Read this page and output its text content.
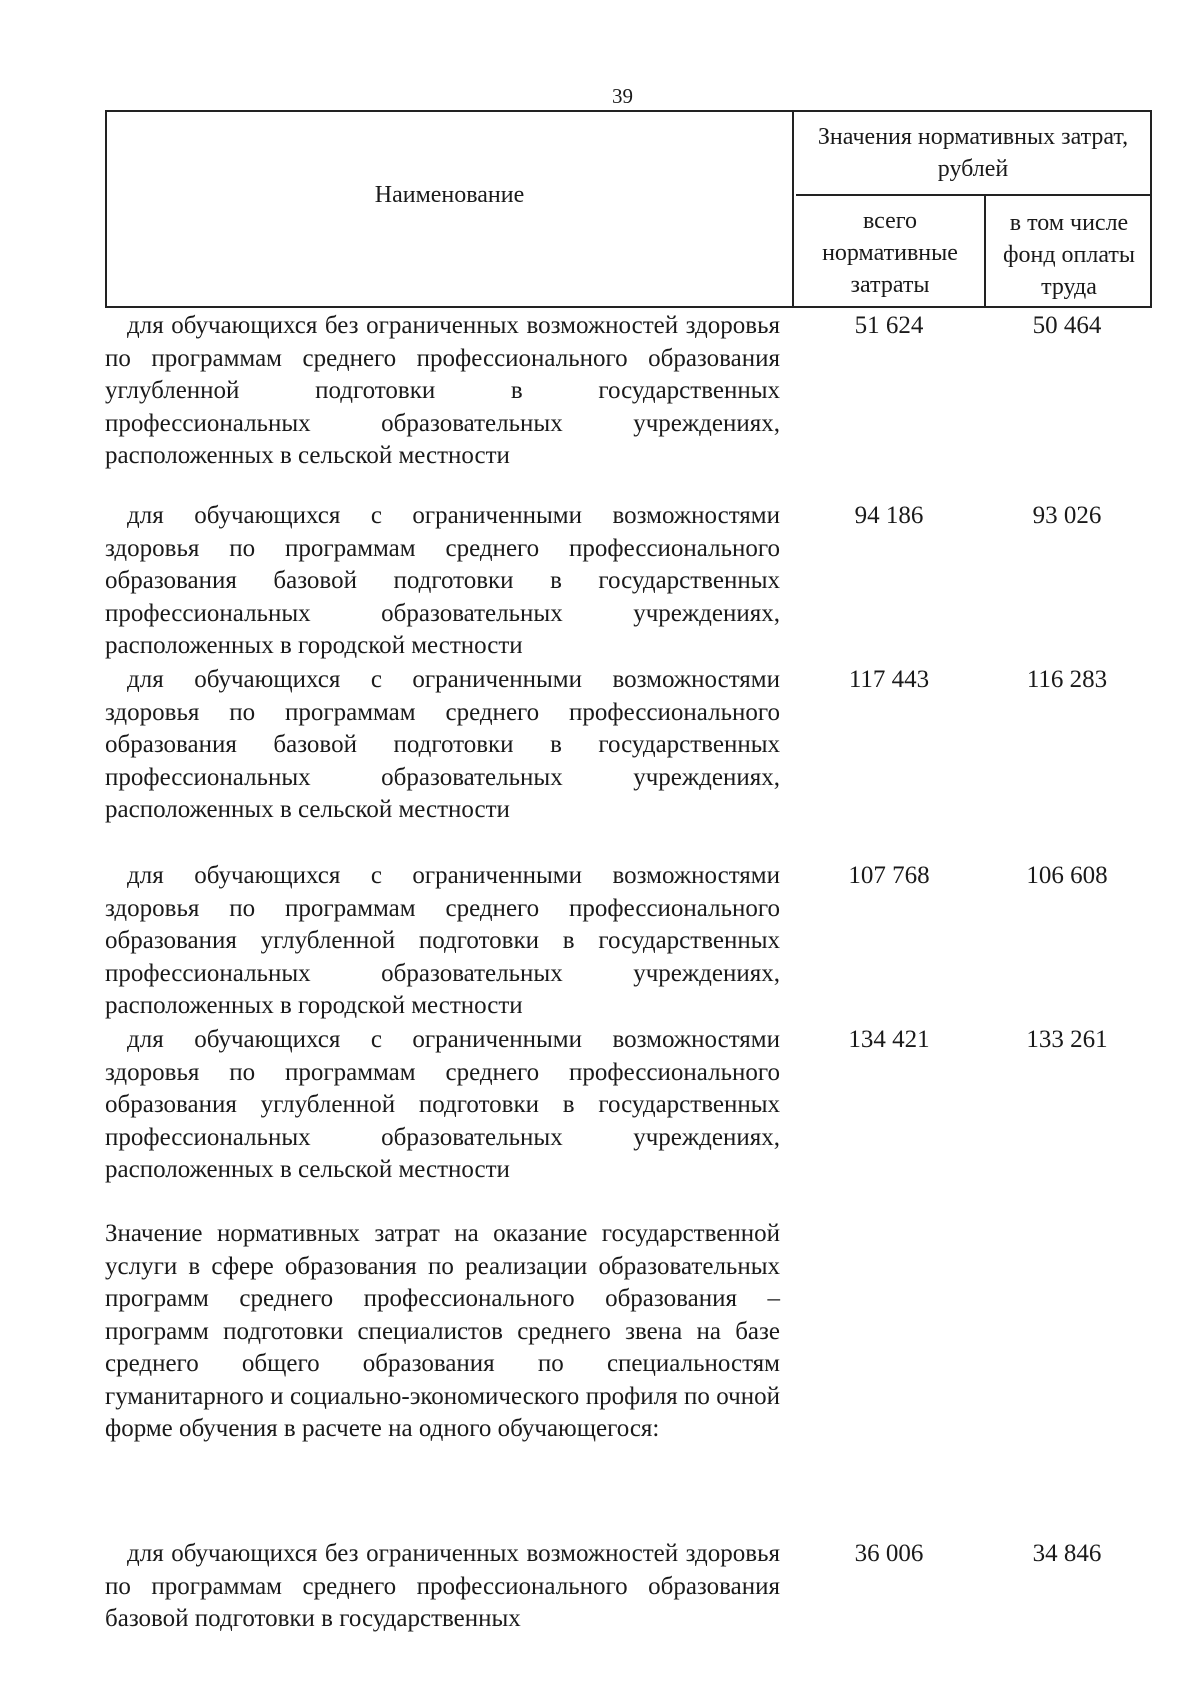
39
Наименование
Значения нормативных затрат, рублей
всего нормативные затраты
в том числе фонд оплаты труда
для обучающихся без ограниченных возможностей здоровья по программам среднего профессионального образования углубленной подготовки в государственных профессиональных образовательных учреждениях, расположенных в сельской местности
51 624	50 464
для обучающихся с ограниченными возможностями здоровья по программам среднего профессионального образования базовой подготовки в государственных профессиональных образовательных учреждениях, расположенных в городской местности
94 186	93 026
для обучающихся с ограниченными возможностями здоровья по программам среднего профессионального образования базовой подготовки в государственных профессиональных образовательных учреждениях, расположенных в сельской местности
117 443	116 283
для обучающихся с ограниченными возможностями здоровья по программам среднего профессионального образования углубленной подготовки в государственных профессиональных образовательных учреждениях, расположенных в городской местности
107 768	106 608
для обучающихся с ограниченными возможностями здоровья по программам среднего профессионального образования углубленной подготовки в государственных профессиональных образовательных учреждениях, расположенных в сельской местности
134 421	133 261
Значение нормативных затрат на оказание государственной услуги в сфере образования по реализации образовательных программ среднего профессионального образования – программ подготовки специалистов среднего звена на базе среднего общего образования по специальностям гуманитарного и социально-экономического профиля по очной форме обучения в расчете на одного обучающегося:
для обучающихся без ограниченных возможностей здоровья по программам среднего профессионального образования базовой подготовки в государственных
36 006	34 846
